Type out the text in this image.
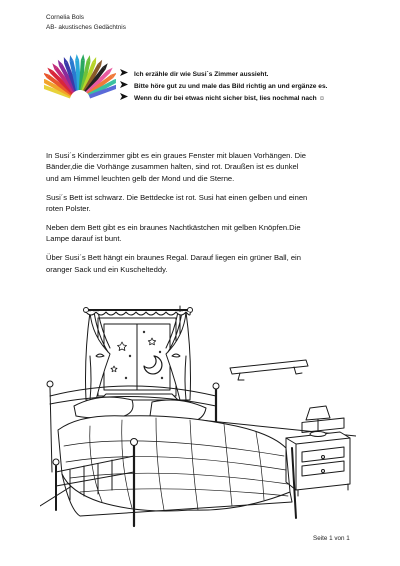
Cornelia Bols
AB- akustisches Gedächtnis
Ich erzähle dir wie Susi´s Zimmer aussieht.
Bitte höre gut zu und male das Bild richtig an und ergänze es.
Wenn du dir bei etwas nicht sicher bist, lies nochmal nach ☺

In Susi´s Kinderzimmer gibt es ein graues Fenster mit blauen Vorhängen. Die
Bänder,die die Vorhänge zusammen halten, sind rot. Draußen ist es dunkel
und am Himmel leuchten gelb der Mond und die Sterne.

Susi´s Bett ist schwarz. Die Bettdecke ist rot. Susi hat einen gelben und einen
roten Polster.

Neben dem Bett gibt es ein braunes Nachtkästchen mit gelben Knöpfen.Die
Lampe darauf ist bunt.

Über Susi´s Bett hängt ein braunes Regal. Darauf liegen ein grüner Ball, ein
oranger Sack und ein Kuschelteddy.

Seite 1 von 1
